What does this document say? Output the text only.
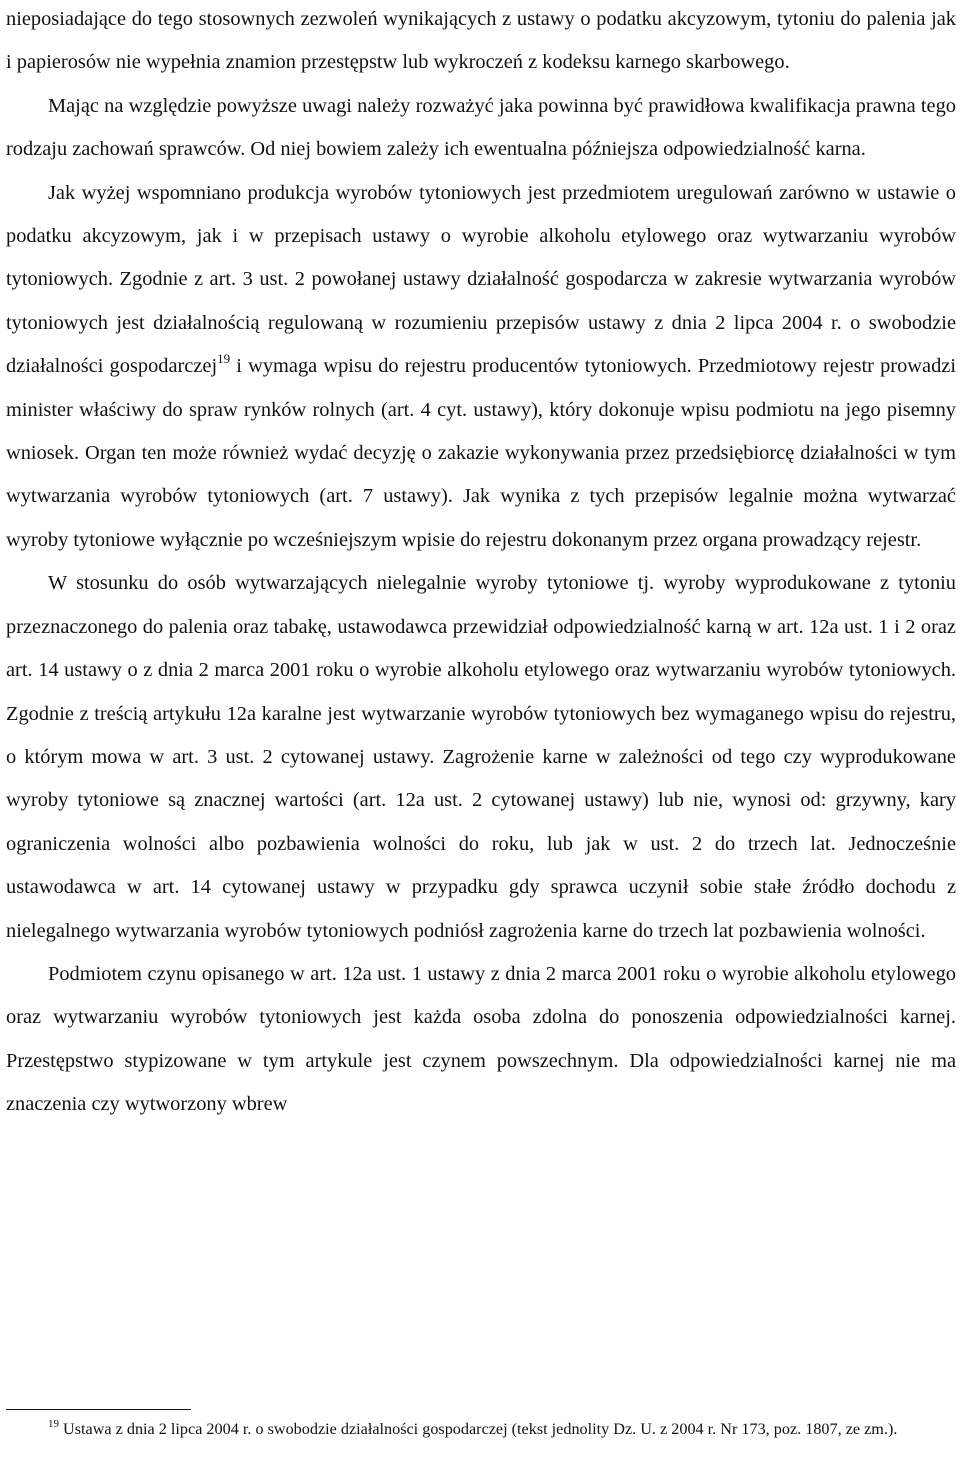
nieposiadające do tego stosownych zezwoleń wynikających z ustawy o podatku akcyzowym, tytoniu do palenia jak i papierosów nie wypełnia znamion przestępstw lub wykroczeń z kodeksu karnego skarbowego.

Mając na względzie powyższe uwagi należy rozważyć jaka powinna być prawidłowa kwalifikacja prawna tego rodzaju zachowań sprawców. Od niej bowiem zależy ich ewentualna późniejsza odpowiedzialność karna.

Jak wyżej wspomniano produkcja wyrobów tytoniowych jest przedmiotem uregulowań zarówno w ustawie o podatku akcyzowym, jak i w przepisach ustawy o wyrobie alkoholu etylowego oraz wytwarzaniu wyrobów tytoniowych. Zgodnie z art. 3 ust. 2 powołanej ustawy działalność gospodarcza w zakresie wytwarzania wyrobów tytoniowych jest działalnością regulowaną w rozumieniu przepisów ustawy z dnia 2 lipca 2004 r. o swobodzie działalności gospodarczej$^{19}$ i wymaga wpisu do rejestru producentów tytoniowych. Przedmiotowy rejestr prowadzi minister właściwy do spraw rynków rolnych (art. 4 cyt. ustawy), który dokonuje wpisu podmiotu na jego pisemny wniosek. Organ ten może również wydać decyzję o zakazie wykonywania przez przedsiębiorcę działalności w tym wytwarzania wyrobów tytoniowych (art. 7 ustawy). Jak wynika z tych przepisów legalnie można wytwarzać wyroby tytoniowe wyłącznie po wcześniejszym wpisie do rejestru dokonanym przez organa prowadzący rejestr.

W stosunku do osób wytwarzających nielegalnie wyroby tytoniowe tj. wyroby wyprodukowane z tytoniu przeznaczonego do palenia oraz tabakę, ustawodawca przewidział odpowiedzialność karną w art. 12a ust. 1 i 2 oraz art. 14 ustawy o z dnia 2 marca 2001 roku o wyrobie alkoholu etylowego oraz wytwarzaniu wyrobów tytoniowych. Zgodnie z treścią artykułu 12a karalne jest wytwarzanie wyrobów tytoniowych bez wymaganego wpisu do rejestru, o którym mowa w art. 3 ust. 2 cytowanej ustawy. Zagrożenie karne w zależności od tego czy wyprodukowane wyroby tytoniowe są znacznej wartości (art. 12a ust. 2 cytowanej ustawy) lub nie, wynosi od: grzywny, kary ograniczenia wolności albo pozbawienia wolności do roku, lub jak w ust. 2 do trzech lat. Jednocześnie ustawodawca w art. 14 cytowanej ustawy w przypadku gdy sprawca uczynił sobie stałe źródło dochodu z nielegalnego wytwarzania wyrobów tytoniowych podniósł zagrożenia karne do trzech lat pozbawienia wolności.

Podmiotem czynu opisanego w art. 12a ust. 1 ustawy z dnia 2 marca 2001 roku o wyrobie alkoholu etylowego oraz wytwarzaniu wyrobów tytoniowych jest każda osoba zdolna do ponoszenia odpowiedzialności karnej. Przestępstwo stypizowane w tym artykule jest czynem powszechnym. Dla odpowiedzialności karnej nie ma znaczenia czy wytworzony wbrew

$^{19}$ Ustawa z dnia 2 lipca 2004 r. o swobodzie działalności gospodarczej (tekst jednolity Dz. U. z 2004 r. Nr 173, poz. 1807, ze zm.).
